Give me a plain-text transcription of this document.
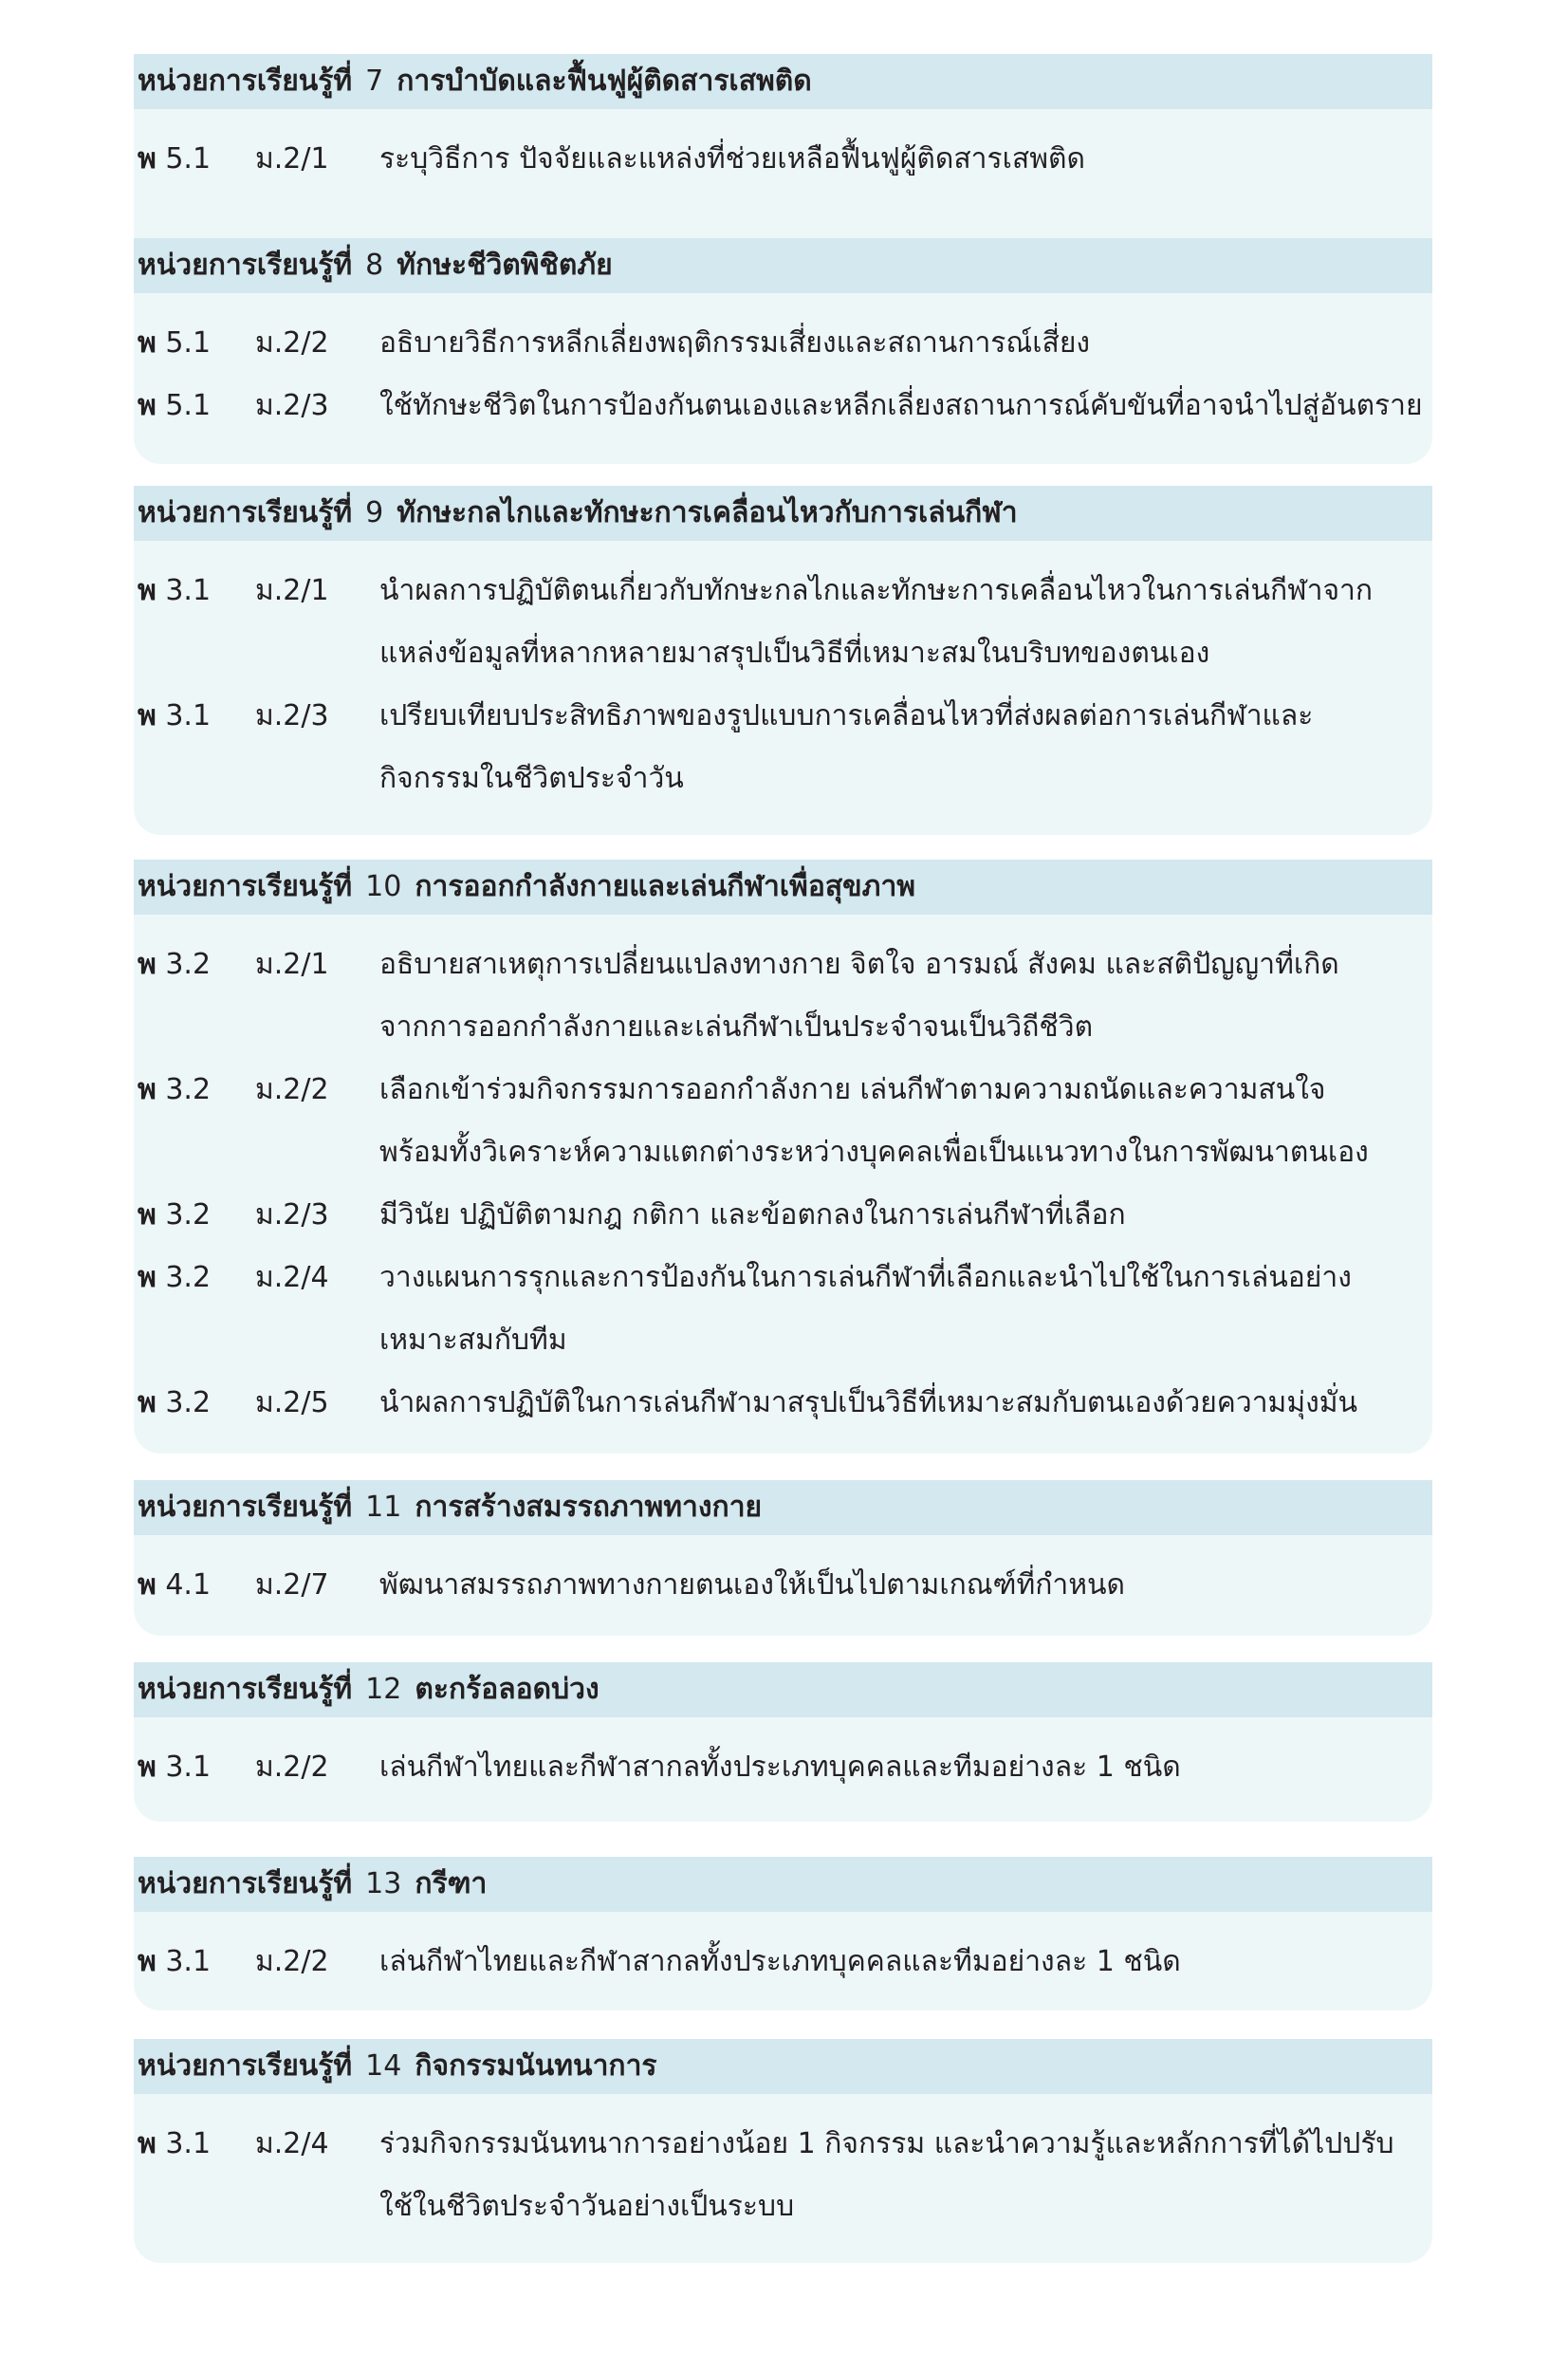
หน่วยการเรียนรู้ที่ 7 การบำบัดและฟื้นฟูผู้ติดสารเสพติด
พ 5.1	ม.2/1	ระบุวิธีการ ปัจจัยและแหล่งที่ช่วยเหลือฟื้นฟูผู้ติดสารเสพติด
หน่วยการเรียนรู้ที่ 8 ทักษะชีวิตพิชิตภัย
พ 5.1	ม.2/2	อธิบายวิธีการหลีกเลี่ยงพฤติกรรมเสี่ยงและสถานการณ์เสี่ยง
พ 5.1	ม.2/3	ใช้ทักษะชีวิตในการป้องกันตนเองและหลีกเลี่ยงสถานการณ์คับขันที่อาจนำไปสู่อันตราย
หน่วยการเรียนรู้ที่ 9 ทักษะกลไกและทักษะการเคลื่อนไหวกับการเล่นกีฬา
พ 3.1	ม.2/1	นำผลการปฏิบัติตนเกี่ยวกับทักษะกลไกและทักษะการเคลื่อนไหวในการเล่นกีฬาจาก
แหล่งข้อมูลที่หลากหลายมาสรุปเป็นวิธีที่เหมาะสมในบริบทของตนเอง
พ 3.1	ม.2/3	เปรียบเทียบประสิทธิภาพของรูปแบบการเคลื่อนไหวที่ส่งผลต่อการเล่นกีฬาและ
กิจกรรมในชีวิตประจำวัน
หน่วยการเรียนรู้ที่ 10 การออกกำลังกายและเล่นกีฬาเพื่อสุขภาพ
พ 3.2	ม.2/1	อธิบายสาเหตุการเปลี่ยนแปลงทางกาย จิตใจ อารมณ์ สังคม และสติปัญญาที่เกิด
จากการออกกำลังกายและเล่นกีฬาเป็นประจำจนเป็นวิถีชีวิต
พ 3.2	ม.2/2	เลือกเข้าร่วมกิจกรรมการออกกำลังกาย เล่นกีฬาตามความถนัดและความสนใจ
พร้อมทั้งวิเคราะห์ความแตกต่างระหว่างบุคคลเพื่อเป็นแนวทางในการพัฒนาตนเอง
พ 3.2	ม.2/3	มีวินัย ปฏิบัติตามกฎ กติกา และข้อตกลงในการเล่นกีฬาที่เลือก
พ 3.2	ม.2/4	วางแผนการรุกและการป้องกันในการเล่นกีฬาที่เลือกและนำไปใช้ในการเล่นอย่าง
เหมาะสมกับทีม
พ 3.2	ม.2/5	นำผลการปฏิบัติในการเล่นกีฬามาสรุปเป็นวิธีที่เหมาะสมกับตนเองด้วยความมุ่งมั่น
หน่วยการเรียนรู้ที่ 11 การสร้างสมรรถภาพทางกาย
พ 4.1	ม.2/7	พัฒนาสมรรถภาพทางกายตนเองให้เป็นไปตามเกณฑ์ที่กำหนด
หน่วยการเรียนรู้ที่ 12 ตะกร้อลอดบ่วง
พ 3.1	ม.2/2	เล่นกีฬาไทยและกีฬาสากลทั้งประเภทบุคคลและทีมอย่างละ 1 ชนิด
หน่วยการเรียนรู้ที่ 13 กรีฑา
พ 3.1	ม.2/2	เล่นกีฬาไทยและกีฬาสากลทั้งประเภทบุคคลและทีมอย่างละ 1 ชนิด
หน่วยการเรียนรู้ที่ 14 กิจกรรมนันทนาการ
พ 3.1	ม.2/4	ร่วมกิจกรรมนันทนาการอย่างน้อย 1 กิจกรรม และนำความรู้และหลักการที่ได้ไปปรับ
ใช้ในชีวิตประจำวันอย่างเป็นระบบ
